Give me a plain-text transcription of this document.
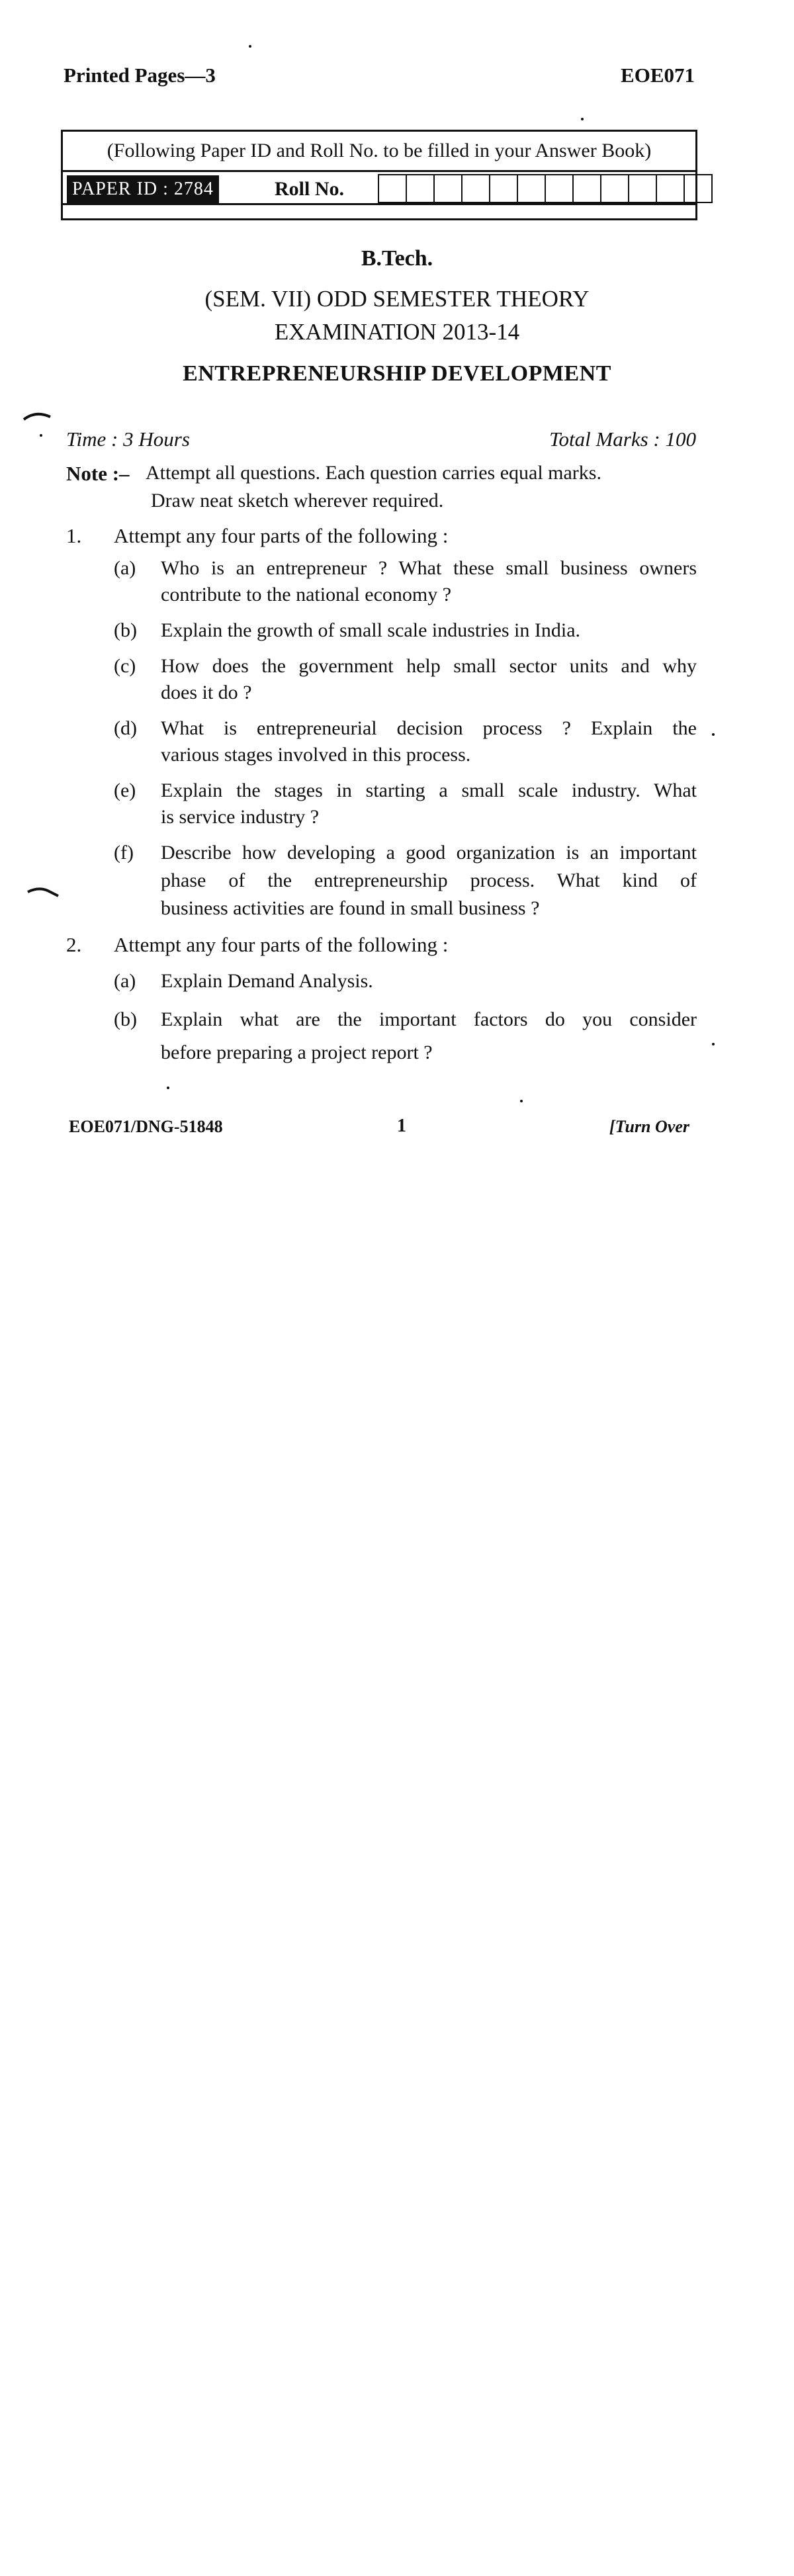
Printed Pages—3	EOE071
(Following Paper ID and Roll No. to be filled in your Answer Book)
PAPER ID : 2784	Roll No.
B.Tech.
(SEM. VII) ODD SEMESTER THEORY
EXAMINATION 2013-14
ENTREPRENEURSHIP DEVELOPMENT
Time : 3 Hours	Total Marks : 100
Note :– Attempt all questions. Each question carries equal marks.
Draw neat sketch wherever required.
1. Attempt any four parts of the following :
(a) Who is an entrepreneur ? What these small business owners
contribute to the national economy ?
(b) Explain the growth of small scale industries in India.
(c) How does the government help small sector units and why
does it do ?
(d) What is entrepreneurial decision process ? Explain the
various stages involved in this process.
(e) Explain the stages in starting a small scale industry. What
is service industry ?
(f) Describe how developing a good organization is an important
phase of the entrepreneurship process. What kind of
business activities are found in small business ?
2. Attempt any four parts of the following :
(a) Explain Demand Analysis.
(b) Explain what are the important factors do you consider
before preparing a project report ?
EOE071/DNG-51848	1	[Turn Over
